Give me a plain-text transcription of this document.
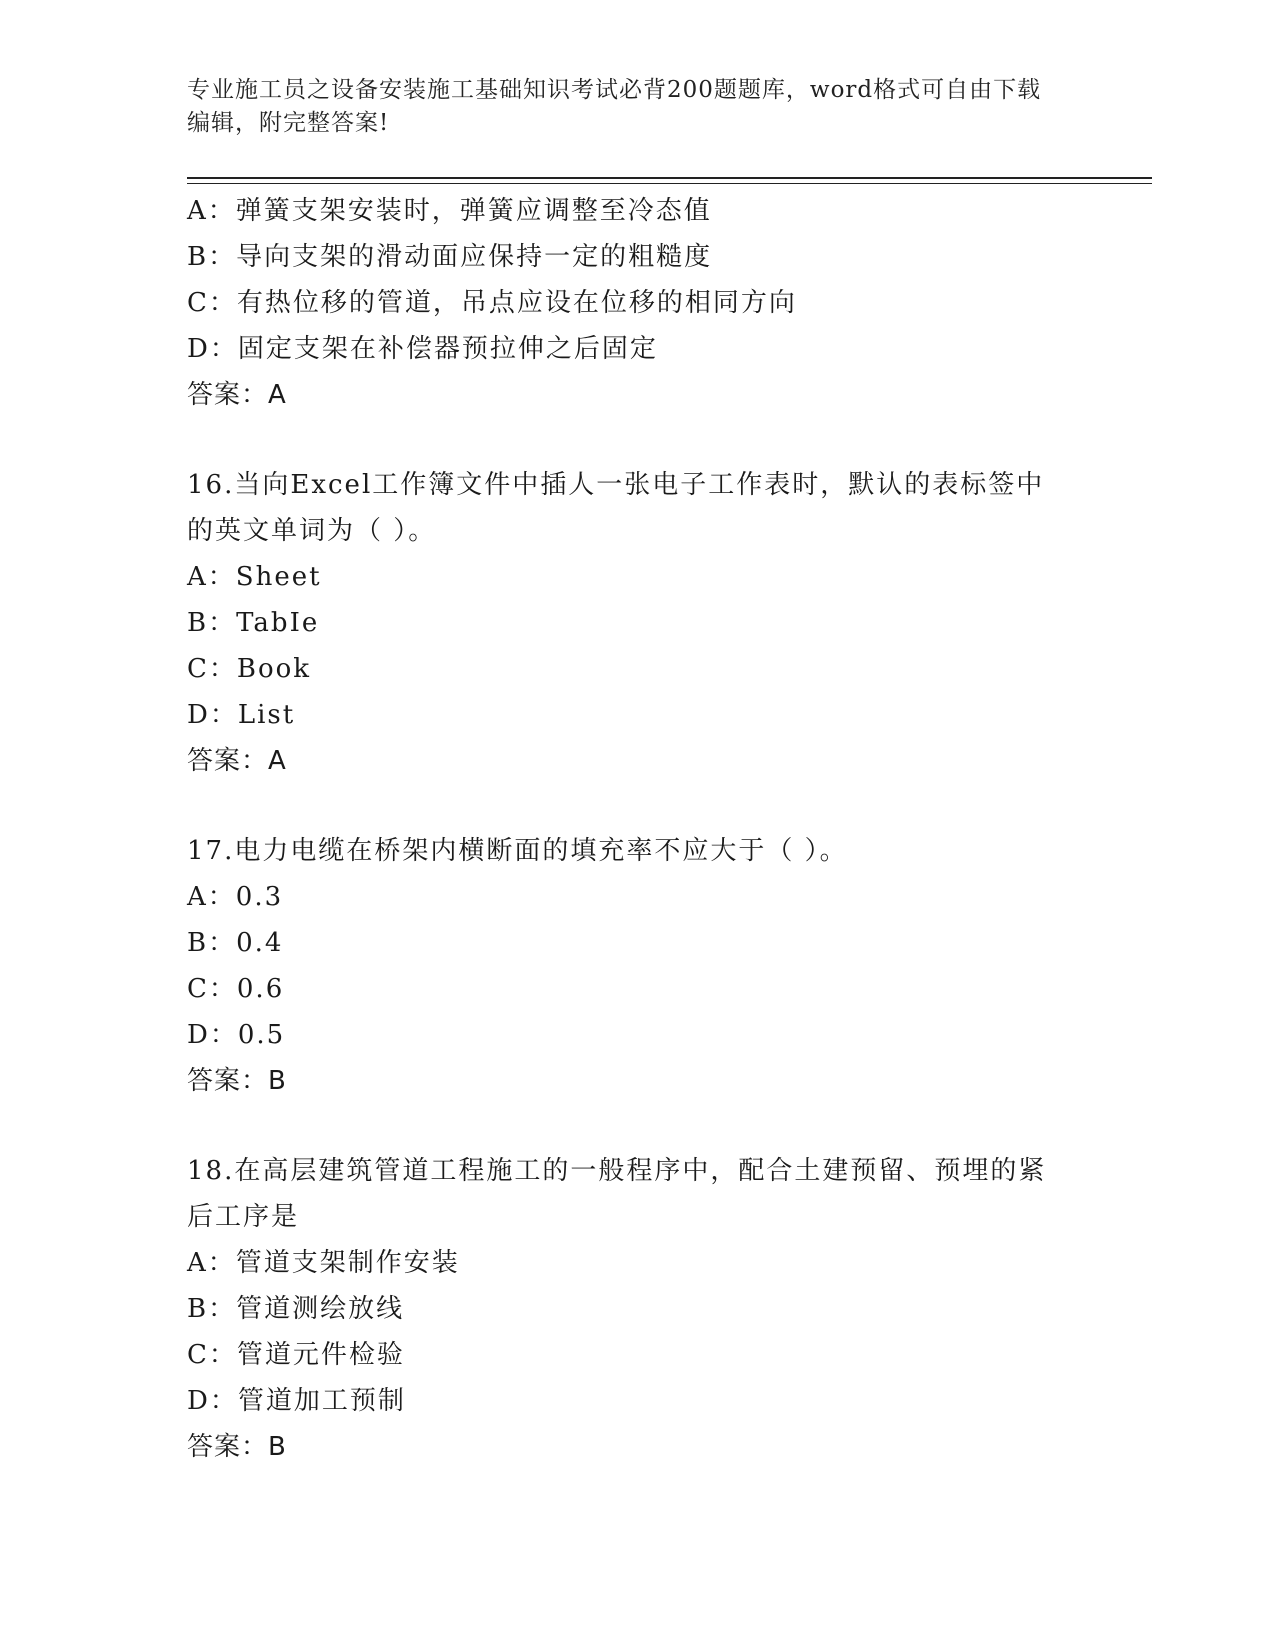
专业施工员之设备安装施工基础知识考试必背200题题库，word格式可自由下载
编辑，附完整答案!
A：弹簧支架安装时，弹簧应调整至冷态值
B：导向支架的滑动面应保持一定的粗糙度
C：有热位移的管道，吊点应设在位移的相同方向
D：固定支架在补偿器预拉伸之后固定
答案：A
16.当向Excel工作簿文件中插人一张电子工作表时，默认的表标签中
的英文单词为（ ）。
A：Sheet
B：TabIe
C：Book
D：List
答案：A
17.电力电缆在桥架内横断面的填充率不应大于（ ）。
A：0.3
B：0.4
C：0.6
D：0.5
答案：B
18.在高层建筑管道工程施工的一般程序中，配合土建预留、预埋的紧
后工序是
A：管道支架制作安装
B：管道测绘放线
C：管道元件检验
D：管道加工预制
答案：B
